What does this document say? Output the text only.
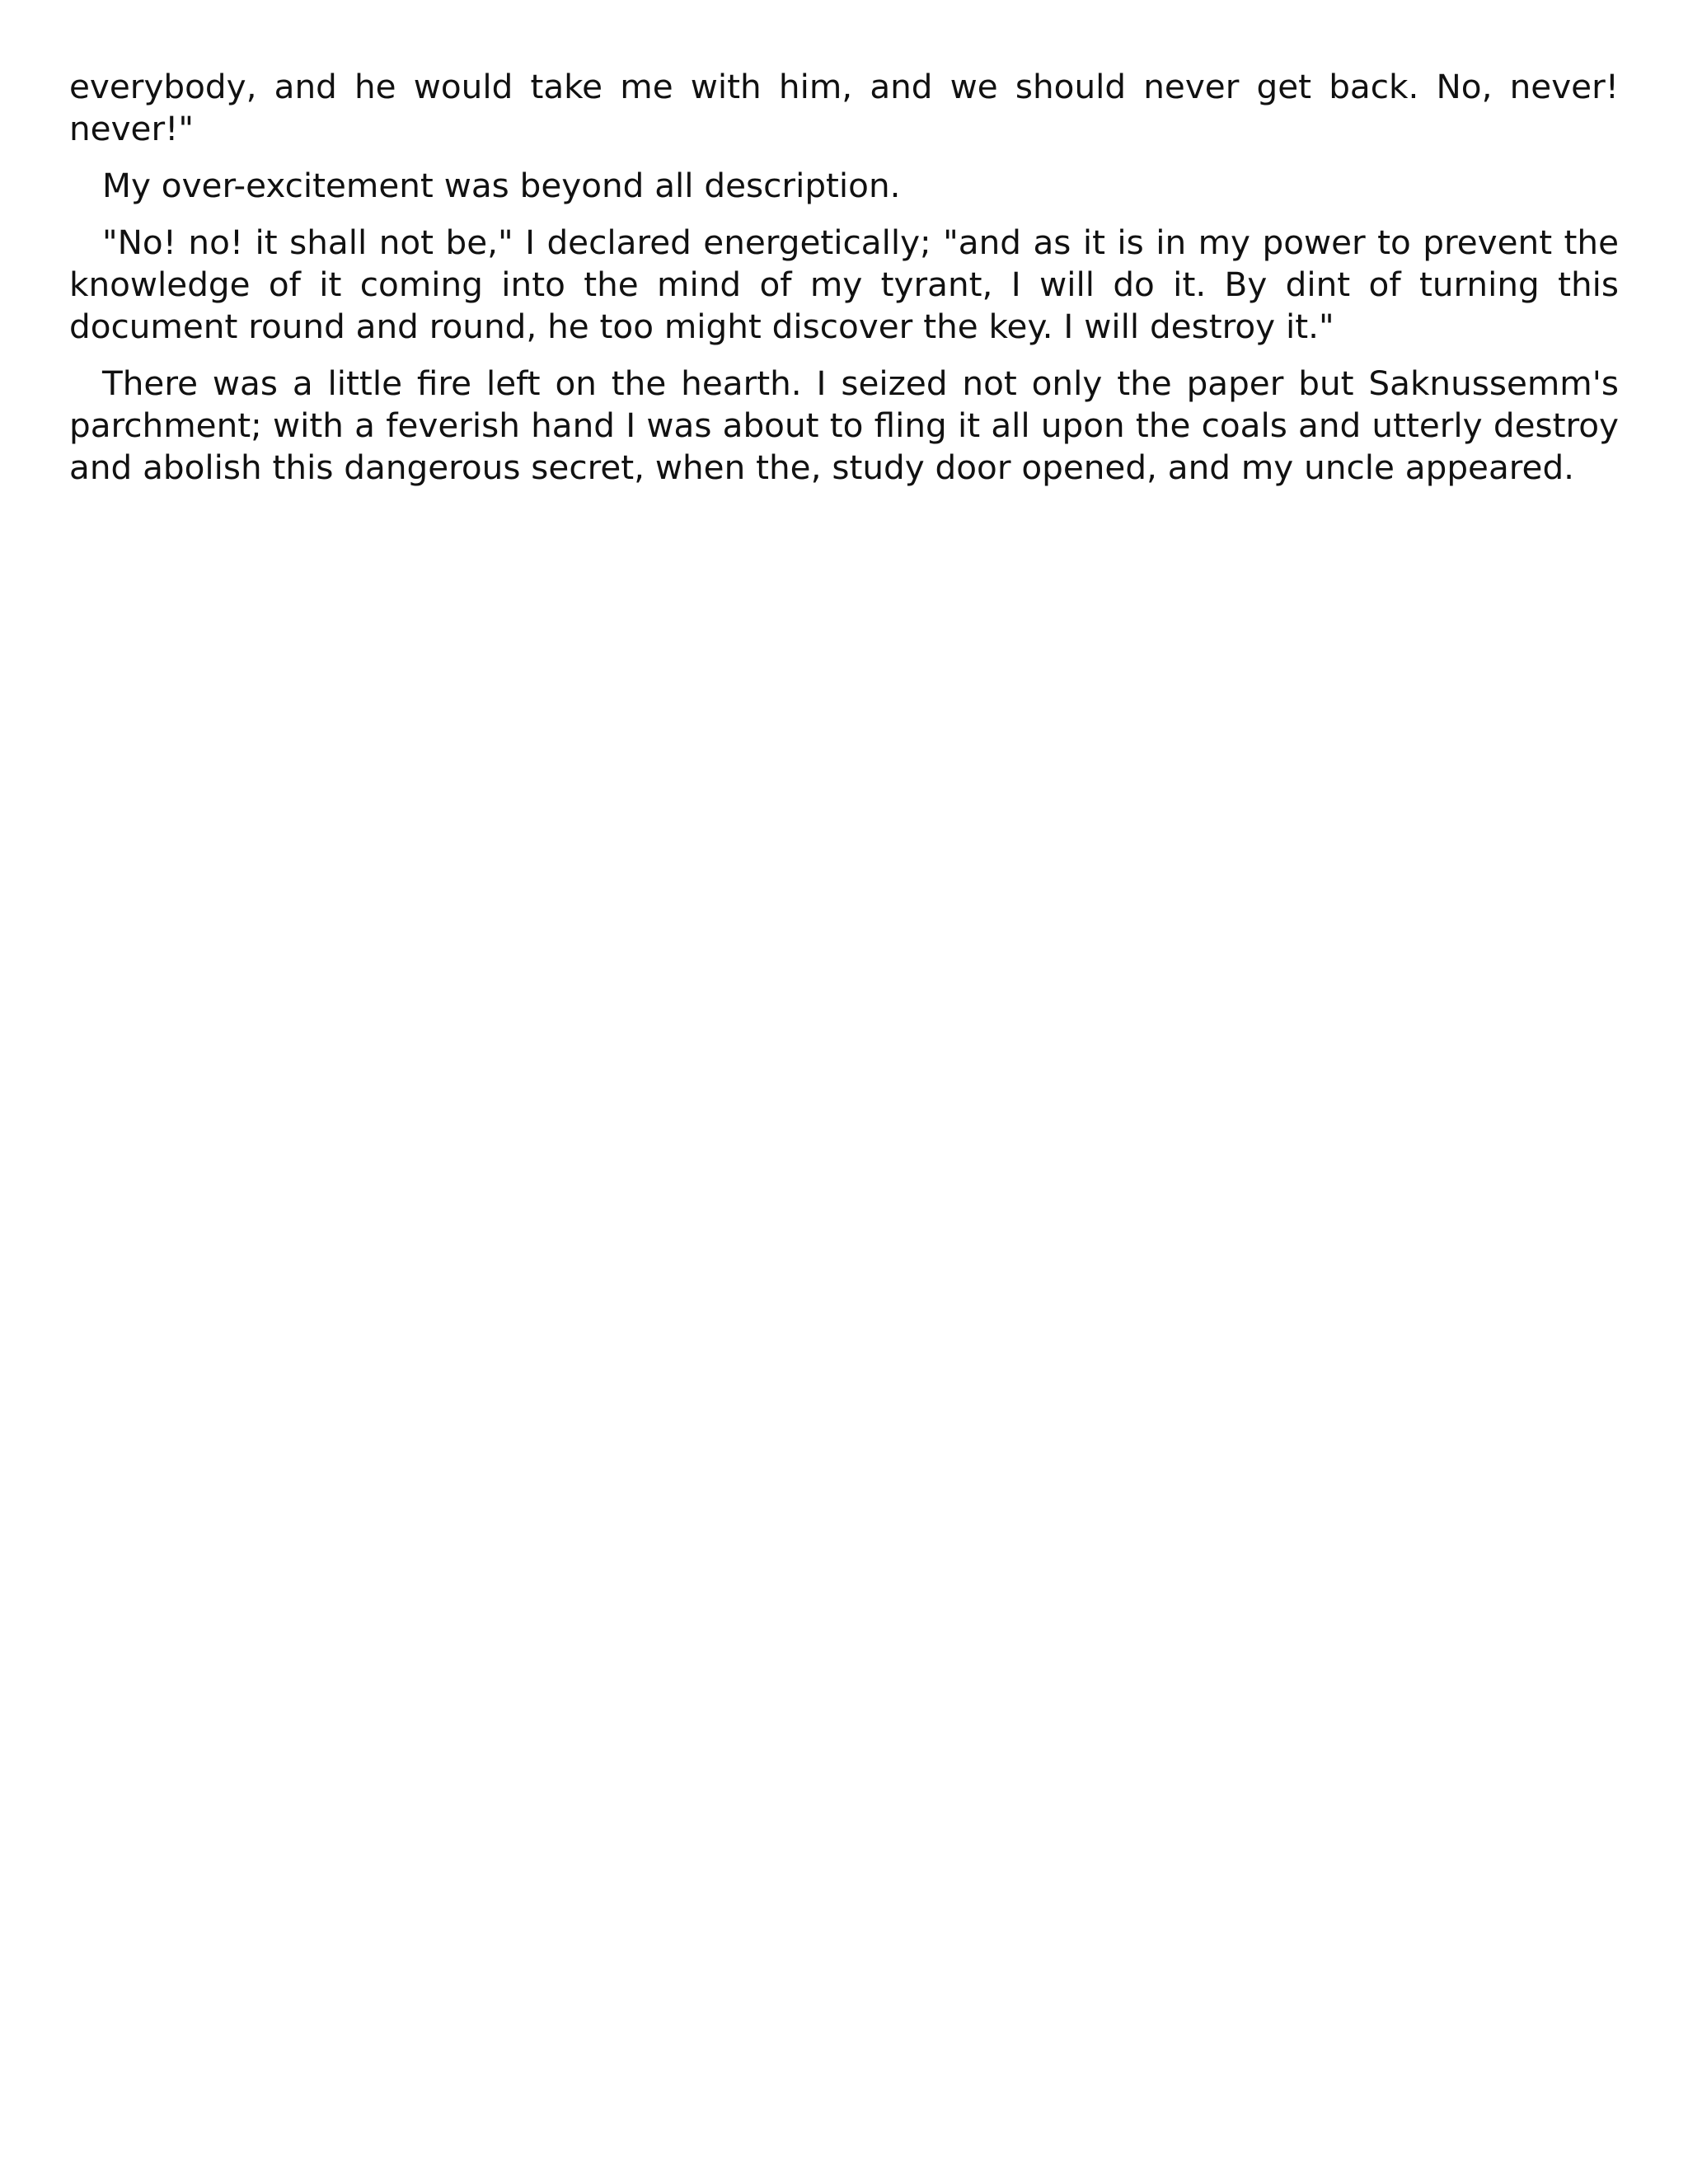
everybody, and he would take me with him, and we should never get back. No, never! never!"

My over-excitement was beyond all description.

"No! no! it shall not be," I declared energetically; "and as it is in my power to prevent the knowledge of it coming into the mind of my tyrant, I will do it. By dint of turning this document round and round, he too might discover the key. I will destroy it."

There was a little fire left on the hearth. I seized not only the paper but Saknussemm's parchment; with a feverish hand I was about to fling it all upon the coals and utterly destroy and abolish this dangerous secret, when the, study door opened, and my uncle appeared.
